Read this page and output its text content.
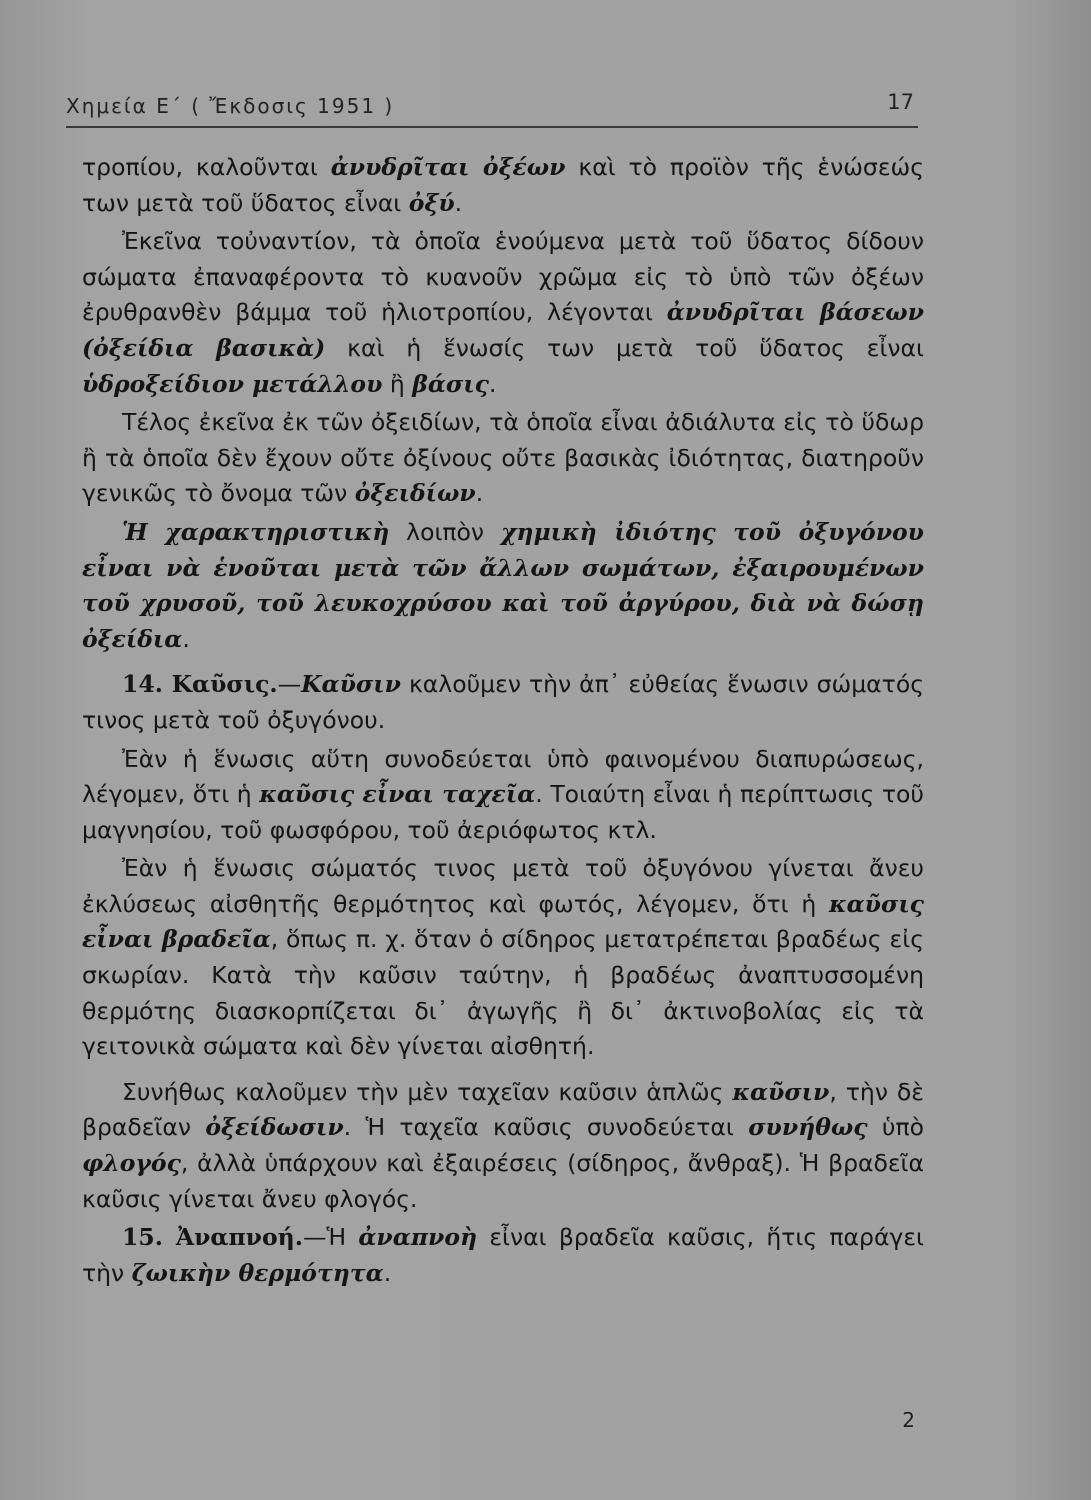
Χημεία Ε΄ ( Ἔκδοσις 1951 )	17

τροπίου, καλοῦνται ἀνυδρῖται ὀξέων καὶ τὸ προϊὸν τῆς ἑνώσεώς των μετὰ τοῦ ὕδατος εἶναι ὀξύ.

Ἐκεῖνα τοὐναντίον, τὰ ὁποῖα ἑνούμενα μετὰ τοῦ ὕδατος δίδουν σώματα ἐπαναφέροντα τὸ κυανοῦν χρῶμα εἰς τὸ ὑπὸ τῶν ὀξέων ἐρυθρανθὲν βάμμα τοῦ ἡλιοτροπίου, λέγονται ἀνυδρῖται βάσεων (ὀξείδια βασικὰ) καὶ ἡ ἕνωσίς των μετὰ τοῦ ὕδατος εἶναι ὑδροξείδιον μετάλλου ἢ βάσις.

Τέλος ἐκεῖνα ἐκ τῶν ὀξειδίων, τὰ ὁποῖα εἶναι ἀδιάλυτα εἰς τὸ ὕδωρ ἢ τὰ ὁποῖα δὲν ἔχουν οὔτε ὀξίνους οὔτε βασικὰς ἰδιότητας, διατηροῦν γενικῶς τὸ ὄνομα τῶν ὀξειδίων.

Ἡ χαρακτηριστικὴ λοιπὸν χημικὴ ἰδιότης τοῦ ὀξυγόνου εἶναι νὰ ἑνοῦται μετὰ τῶν ἄλλων σωμάτων, ἐξαιρουμένων τοῦ χρυσοῦ, τοῦ λευκοχρύσου καὶ τοῦ ἀργύρου, διὰ νὰ δώσῃ ὀξείδια.

14. Καῦσις.—Καῦσιν καλοῦμεν τὴν ἀπ᾽ εὐθείας ἕνωσιν σώματός τινος μετὰ τοῦ ὀξυγόνου.

Ἐὰν ἡ ἕνωσις αὕτη συνοδεύεται ὑπὸ φαινομένου διαπυρώσεως, λέγομεν, ὅτι ἡ καῦσις εἶναι ταχεῖα. Τοιαύτη εἶναι ἡ περίπτωσις τοῦ μαγνησίου, τοῦ φωσφόρου, τοῦ ἀεριόφωτος κτλ.

Ἐὰν ἡ ἕνωσις σώματός τινος μετὰ τοῦ ὀξυγόνου γίνεται ἄνευ ἐκλύσεως αἰσθητῆς θερμότητος καὶ φωτός, λέγομεν, ὅτι ἡ καῦσις εἶναι βραδεῖα, ὅπως π. χ. ὅταν ὁ σίδηρος μετατρέπεται βραδέως εἰς σκωρίαν. Κατὰ τὴν καῦσιν ταύτην, ἡ βραδέως ἀναπτυσσομένη θερμότης διασκορπίζεται δι᾽ ἀγωγῆς ἢ δι᾽ ἀκτινοβολίας εἰς τὰ γειτονικὰ σώματα καὶ δὲν γίνεται αἰσθητή.

Συνήθως καλοῦμεν τὴν μὲν ταχεῖαν καῦσιν ἁπλῶς καῦσιν, τὴν δὲ βραδεῖαν ὀξείδωσιν. Ἡ ταχεῖα καῦσις συνοδεύεται συνήθως ὑπὸ φλογός, ἀλλὰ ὑπάρχουν καὶ ἐξαιρέσεις (σίδηρος, ἄνθραξ). Ἡ βραδεῖα καῦσις γίνεται ἄνευ φλογός.

15. Ἀναπνοή.—Ἡ ἀναπνοὴ εἶναι βραδεῖα καῦσις, ἥτις παράγει τὴν ζωικὴν θερμότητα.

2
